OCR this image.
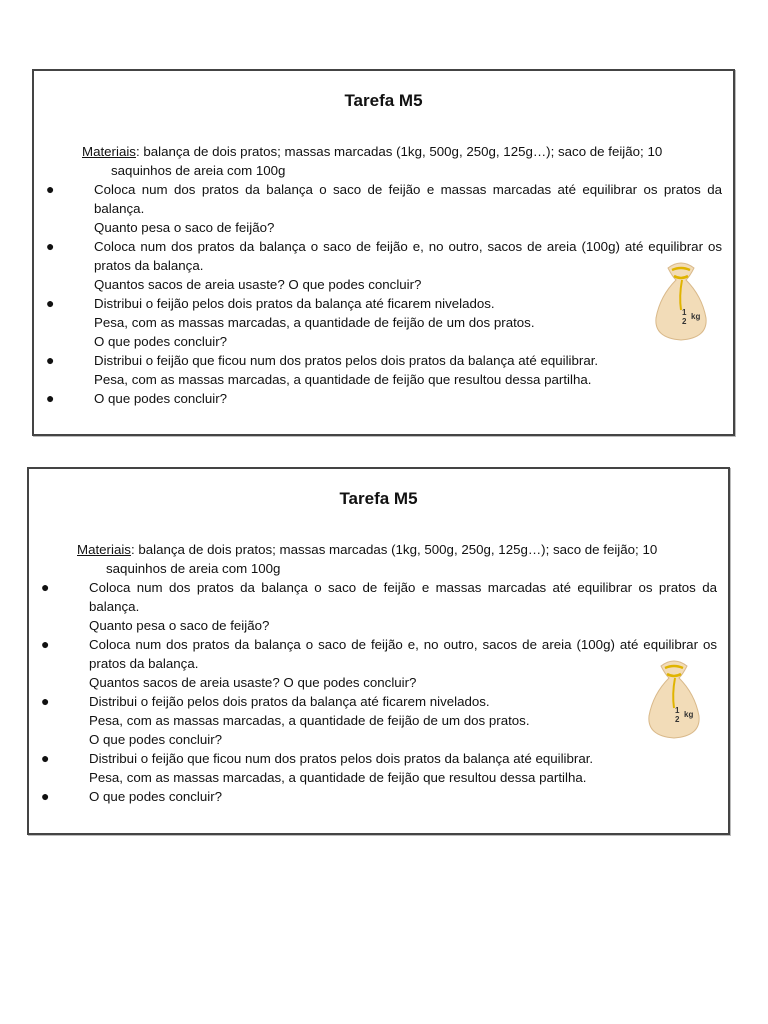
Tarefa M5
Materiais: balança de dois pratos; massas marcadas (1kg, 500g, 250g, 125g…); saco de feijão; 10
saquinhos de areia com 100g
●	Coloca num dos pratos da balança o saco de feijão e massas marcadas até equilibrar os pratos da balança.
Quanto pesa o saco de feijão?
●	Coloca num dos pratos da balança o saco de feijão e, no outro, sacos de areia (100g) até equilibrar os pratos da balança.
Quantos sacos de areia usaste? O que podes concluir?
●	Distribui o feijão pelos dois pratos da balança até ficarem nivelados.
Pesa, com as massas marcadas, a quantidade de feijão de um dos pratos.
O que podes concluir?
●	Distribui o feijão que ficou num dos pratos pelos dois pratos da balança até equilibrar.
Pesa, com as massas marcadas, a quantidade de feijão que resultou dessa partilha.
●	O que podes concluir?
1
2
kg
Tarefa M5
Materiais: balança de dois pratos; massas marcadas (1kg, 500g, 250g, 125g…); saco de feijão; 10
saquinhos de areia com 100g
●	Coloca num dos pratos da balança o saco de feijão e massas marcadas até equilibrar os pratos da balança.
Quanto pesa o saco de feijão?
●	Coloca num dos pratos da balança o saco de feijão e, no outro, sacos de areia (100g) até equilibrar os pratos da balança.
Quantos sacos de areia usaste? O que podes concluir?
●	Distribui o feijão pelos dois pratos da balança até ficarem nivelados.
Pesa, com as massas marcadas, a quantidade de feijão de um dos pratos.
O que podes concluir?
●	Distribui o feijão que ficou num dos pratos pelos dois pratos da balança até equilibrar.
Pesa, com as massas marcadas, a quantidade de feijão que resultou dessa partilha.
●	O que podes concluir?
1
2
kg
